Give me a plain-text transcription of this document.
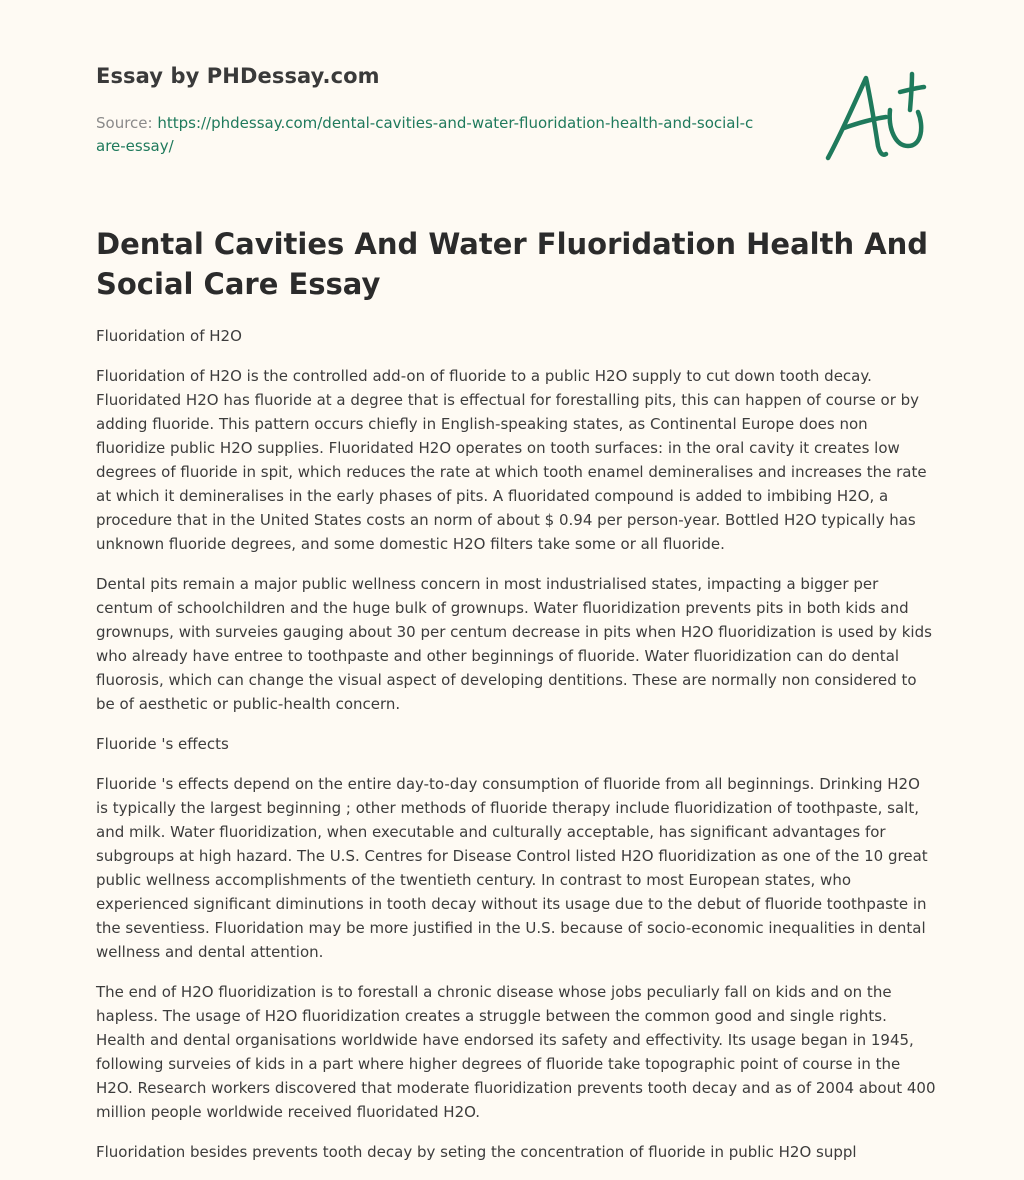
Essay by PHDessay.com
Source: https://phdessay.com/dental-cavities-and-water-fluoridation-health-and-social-care-essay/
Dental Cavities And Water Fluoridation Health And Social Care Essay

Fluoridation of H2O

Fluoridation of H2O is the controlled add-on of fluoride to a public H2O supply to cut down tooth decay. Fluoridated H2O has fluoride at a degree that is effectual for forestalling pits, this can happen of course or by adding fluoride. This pattern occurs chiefly in English-speaking states, as Continental Europe does non fluoridize public H2O supplies. Fluoridated H2O operates on tooth surfaces: in the oral cavity it creates low degrees of fluoride in spit, which reduces the rate at which tooth enamel demineralises and increases the rate at which it demineralises in the early phases of pits. A fluoridated compound is added to imbibing H2O, a procedure that in the United States costs an norm of about $ 0.94 per person-year. Bottled H2O typically has unknown fluoride degrees, and some domestic H2O filters take some or all fluoride.

Dental pits remain a major public wellness concern in most industrialised states, impacting a bigger per centum of schoolchildren and the huge bulk of grownups. Water fluoridization prevents pits in both kids and grownups, with surveies gauging about 30 per centum decrease in pits when H2O fluoridization is used by kids who already have entree to toothpaste and other beginnings of fluoride. Water fluoridization can do dental fluorosis, which can change the visual aspect of developing dentitions. These are normally non considered to be of aesthetic or public-health concern.

Fluoride 's effects

Fluoride 's effects depend on the entire day-to-day consumption of fluoride from all beginnings. Drinking H2O is typically the largest beginning ; other methods of fluoride therapy include fluoridization of toothpaste, salt, and milk. Water fluoridization, when executable and culturally acceptable, has significant advantages for subgroups at high hazard. The U.S. Centres for Disease Control listed H2O fluoridization as one of the 10 great public wellness accomplishments of the twentieth century. In contrast to most European states, who experienced significant diminutions in tooth decay without its usage due to the debut of fluoride toothpaste in the seventiess. Fluoridation may be more justified in the U.S. because of socio-economic inequalities in dental wellness and dental attention.

The end of H2O fluoridization is to forestall a chronic disease whose jobs peculiarly fall on kids and on the hapless. The usage of H2O fluoridization creates a struggle between the common good and single rights. Health and dental organisations worldwide have endorsed its safety and effectivity. Its usage began in 1945, following surveies of kids in a part where higher degrees of fluoride take topographic point of course in the H2O. Research workers discovered that moderate fluoridization prevents tooth decay and as of 2004 about 400 million people worldwide received fluoridated H2O.

Fluoridation besides prevents tooth decay by seting the concentration of fluoride in public H2O suppl
